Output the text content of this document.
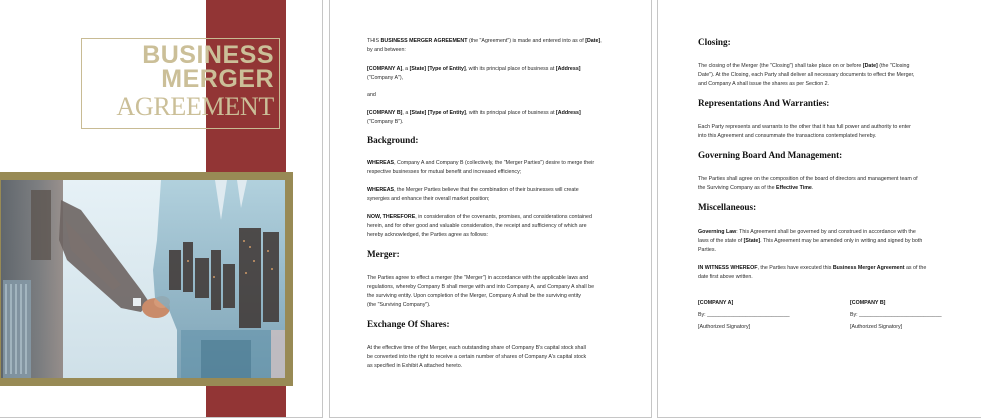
BUSINESS
MERGER
AGREEMENT

THIS BUSINESS MERGER AGREEMENT (the "Agreement") is made and entered into as of [Date],

by and between:

[COMPANY A], a [State] [Type of Entity], with its principal place of business at [Address]

("Company A"),

and

[COMPANY B], a [State] [Type of Entity], with its principal place of business at [Address]

("Company B").

Background:

WHEREAS, Company A and Company B (collectively, the "Merger Parties") desire to merge their

respective businesses for mutual benefit and increased efficiency;

WHEREAS, the Merger Parties believe that the combination of their businesses will create

synergies and enhance their overall market position;

NOW, THEREFORE, in consideration of the covenants, promises, and considerations contained

herein, and for other good and valuable consideration, the receipt and sufficiency of which are

hereby acknowledged, the Parties agree as follows:

Merger:

The Parties agree to effect a merger (the "Merger") in accordance with the applicable laws and

regulations, whereby Company B shall merge with and into Company A, and Company A shall be

the surviving entity. Upon completion of the Merger, Company A shall be the surviving entity

(the "Surviving Company").

Exchange Of Shares:

At the effective time of the Merger, each outstanding share of Company B's capital stock shall

be converted into the right to receive a certain number of shares of Company A's capital stock

as specified in Exhibit A attached hereto.

Closing:

The closing of the Merger (the "Closing") shall take place on or before [Date] (the "Closing

Date"). At the Closing, each Party shall deliver all necessary documents to effect the Merger,

and Company A shall issue the shares as per Section 2.

Representations And Warranties:

Each Party represents and warrants to the other that it has full power and authority to enter

into this Agreement and consummate the transactions contemplated hereby.

Governing Board And Management:

The Parties shall agree on the composition of the board of directors and management team of

the Surviving Company as of the Effective Time.

Miscellaneous:

Governing Law: This Agreement shall be governed by and construed in accordance with the

laws of the state of [State]. This Agreement may be amended only in writing and signed by both

Parties.

IN WITNESS WHEREOF, the Parties have executed this Business Merger Agreement as of the

date first above written.

[COMPANY A]
By: ____________________________
[Authorized Signatory]
[COMPANY B]
By: ____________________________
[Authorized Signatory]
